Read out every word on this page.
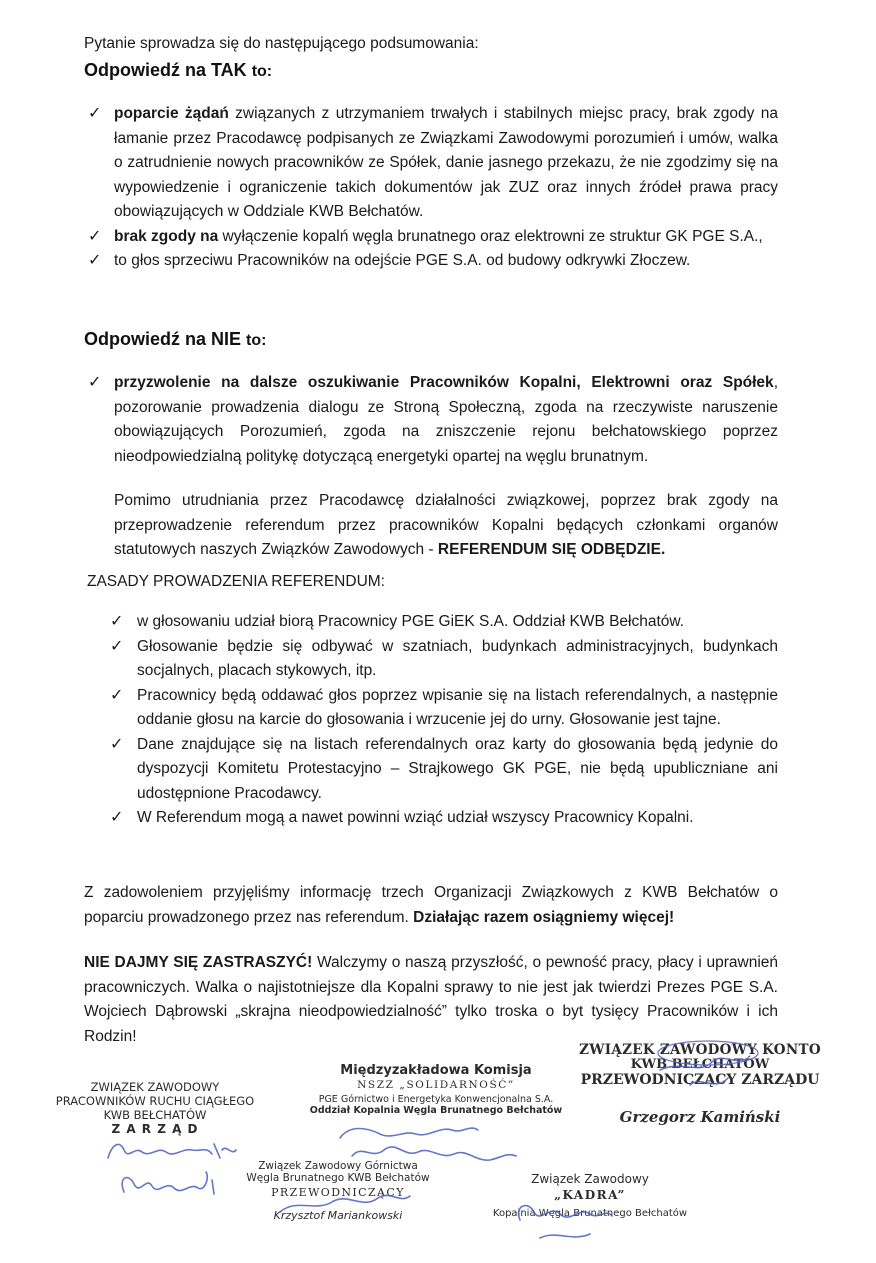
Pytanie sprowadza się do następującego podsumowania:

Odpowiedź na TAK to:

✓ poparcie żądań związanych z utrzymaniem trwałych i stabilnych miejsc pracy, brak zgody na łamanie przez Pracodawcę podpisanych ze Związkami Zawodowymi porozumień i umów, walka o zatrudnienie nowych pracowników ze Spółek, danie jasnego przekazu, że nie zgodzimy się na wypowiedzenie i ograniczenie takich dokumentów jak ZUZ oraz innych źródeł prawa pracy obowiązujących w Oddziale KWB Bełchatów.

✓ brak zgody na wyłączenie kopalń węgla brunatnego oraz elektrowni ze struktur GK PGE S.A.,

✓ to głos sprzeciwu Pracowników na odejście PGE S.A. od budowy odkrywki Złoczew.

Odpowiedź na NIE to:

✓ przyzwolenie na dalsze oszukiwanie Pracowników Kopalni, Elektrowni oraz Spółek, pozorowanie prowadzenia dialogu ze Stroną Społeczną, zgoda na rzeczywiste naruszenie obowiązujących Porozumień, zgoda na zniszczenie rejonu bełchatowskiego poprzez nieodpowiedzialną politykę dotyczącą energetyki opartej na węglu brunatnym.

Pomimo utrudniania przez Pracodawcę działalności związkowej, poprzez brak zgody na przeprowadzenie referendum przez pracowników Kopalni będących członkami organów statutowych naszych Związków Zawodowych - REFERENDUM SIĘ ODBĘDZIE.

ZASADY PROWADZENIA REFERENDUM:

✓ w głosowaniu udział biorą Pracownicy PGE GiEK S.A. Oddział KWB Bełchatów.

✓ Głosowanie będzie się odbywać w szatniach, budynkach administracyjnych, budynkach socjalnych, placach stykowych, itp.

✓ Pracownicy będą oddawać głos poprzez wpisanie się na listach referendalnych, a następnie oddanie głosu na karcie do głosowania i wrzucenie jej do urny. Głosowanie jest tajne.

✓ Dane znajdujące się na listach referendalnych oraz karty do głosowania będą jedynie do dyspozycji Komitetu Protestacyjno – Strajkowego GK PGE, nie będą upubliczniane ani udostępnione Pracodawcy.

✓ W Referendum mogą a nawet powinni wziąć udział wszyscy Pracownicy Kopalni.

Z zadowoleniem przyjęliśmy informację trzech Organizacji Związkowych z KWB Bełchatów o poparciu prowadzonego przez nas referendum. Działając razem osiągniemy więcej!

NIE DAJMY SIĘ ZASTRASZYĆ! Walczymy o naszą przyszłość, o pewność pracy, płacy i uprawnień pracowniczych. Walka o najistotniejsze dla Kopalni sprawy to nie jest jak twierdzi Prezes PGE S.A. Wojciech Dąbrowski „skrajna nieodpowiedzialność” tylko troska o byt tysięcy Pracowników i ich Rodzin!

ZWIĄZEK ZAWODOWY KONTO
KWB BEŁCHATÓW
PRZEWODNICZĄCY ZARZĄDU
Grzegorz Kamiński
Międzyzakładowa Komisja
NSZZ „SOLIDARNOŚĆ”
PGE Górnictwo i Energetyka Konwencjonalna S.A.
Oddział Kopalnia Węgla Brunatnego Bełchatów
ZWIĄZEK ZAWODOWY
PRACOWNIKÓW RUCHU CIĄGŁEGO
KWB BEŁCHATÓW
Z A R Z Ą D
Związek Zawodowy Górnictwa
Węgla Brunatnego KWB Bełchatów
PRZEWODNICZĄCY
Krzysztof Mariankowski
Związek Zawodowy
„KADRA”
Kopalnia Węgla Brunatnego Bełchatów
